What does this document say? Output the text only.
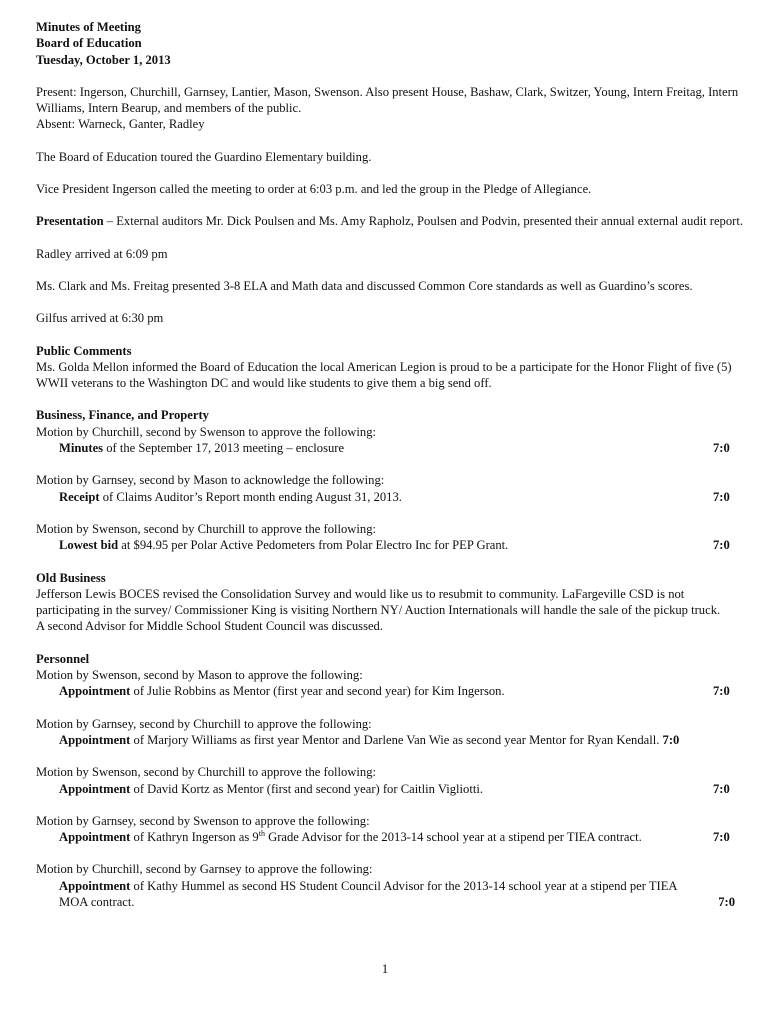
Minutes of Meeting

Board of Education

Tuesday, October 1, 2013

Present: Ingerson, Churchill, Garnsey, Lantier, Mason, Swenson. Also present House, Bashaw, Clark, Switzer, Young, Intern Freitag, Intern Williams, Intern Bearup, and members of the public.

Absent: Warneck, Ganter, Radley

The Board of Education toured the Guardino Elementary building.

Vice President Ingerson called the meeting to order at 6:03 p.m. and led the group in the Pledge of Allegiance.

Presentation – External auditors Mr. Dick Poulsen and Ms. Amy Rapholz, Poulsen and Podvin, presented their annual external audit report.

Radley arrived at 6:09 pm

Ms. Clark and Ms. Freitag presented 3-8 ELA and Math data and discussed Common Core standards as well as Guardino’s scores.

Gilfus arrived at 6:30 pm

Public Comments

Ms. Golda Mellon informed the Board of Education the local American Legion is proud to be a participate for the Honor Flight of five (5) WWII veterans to the Washington DC and would like students to give them a big send off.

Business, Finance, and Property

Motion by Churchill, second by Swenson to approve the following:

Minutes of the September 17, 2013 meeting – enclosure	7:0

Motion by Garnsey, second by Mason to acknowledge the following:

Receipt of Claims Auditor’s Report month ending August 31, 2013.	7:0

Motion by Swenson, second by Churchill to approve the following:

Lowest bid at $94.95 per Polar Active Pedometers from Polar Electro Inc for PEP Grant.	7:0

Old Business

Jefferson Lewis BOCES revised the Consolidation Survey and would like us to resubmit to community. LaFargeville CSD is not participating in the survey/ Commissioner King is visiting Northern NY/ Auction Internationals will handle the sale of the pickup truck. A second Advisor for Middle School Student Council was discussed.

Personnel

Motion by Swenson, second by Mason to approve the following:

Appointment of Julie Robbins as Mentor (first year and second year) for Kim Ingerson.	7:0

Motion by Garnsey, second by Churchill to approve the following:

Appointment of Marjory Williams as first year Mentor and Darlene Van Wie as second year Mentor for Ryan Kendall. 7:0

Motion by Swenson, second by Churchill to approve the following:

Appointment of David Kortz as Mentor (first and second year) for Caitlin Vigliotti.	7:0

Motion by Garnsey, second by Swenson to approve the following:

Appointment of Kathryn Ingerson as 9th Grade Advisor for the 2013-14 school year at a stipend per TIEA contract.	7:0

Motion by Churchill, second by Garnsey to approve the following:

Appointment of Kathy Hummel as second HS Student Council Advisor for the 2013-14 school year at a stipend per TIEA MOA contract.	7:0
1
